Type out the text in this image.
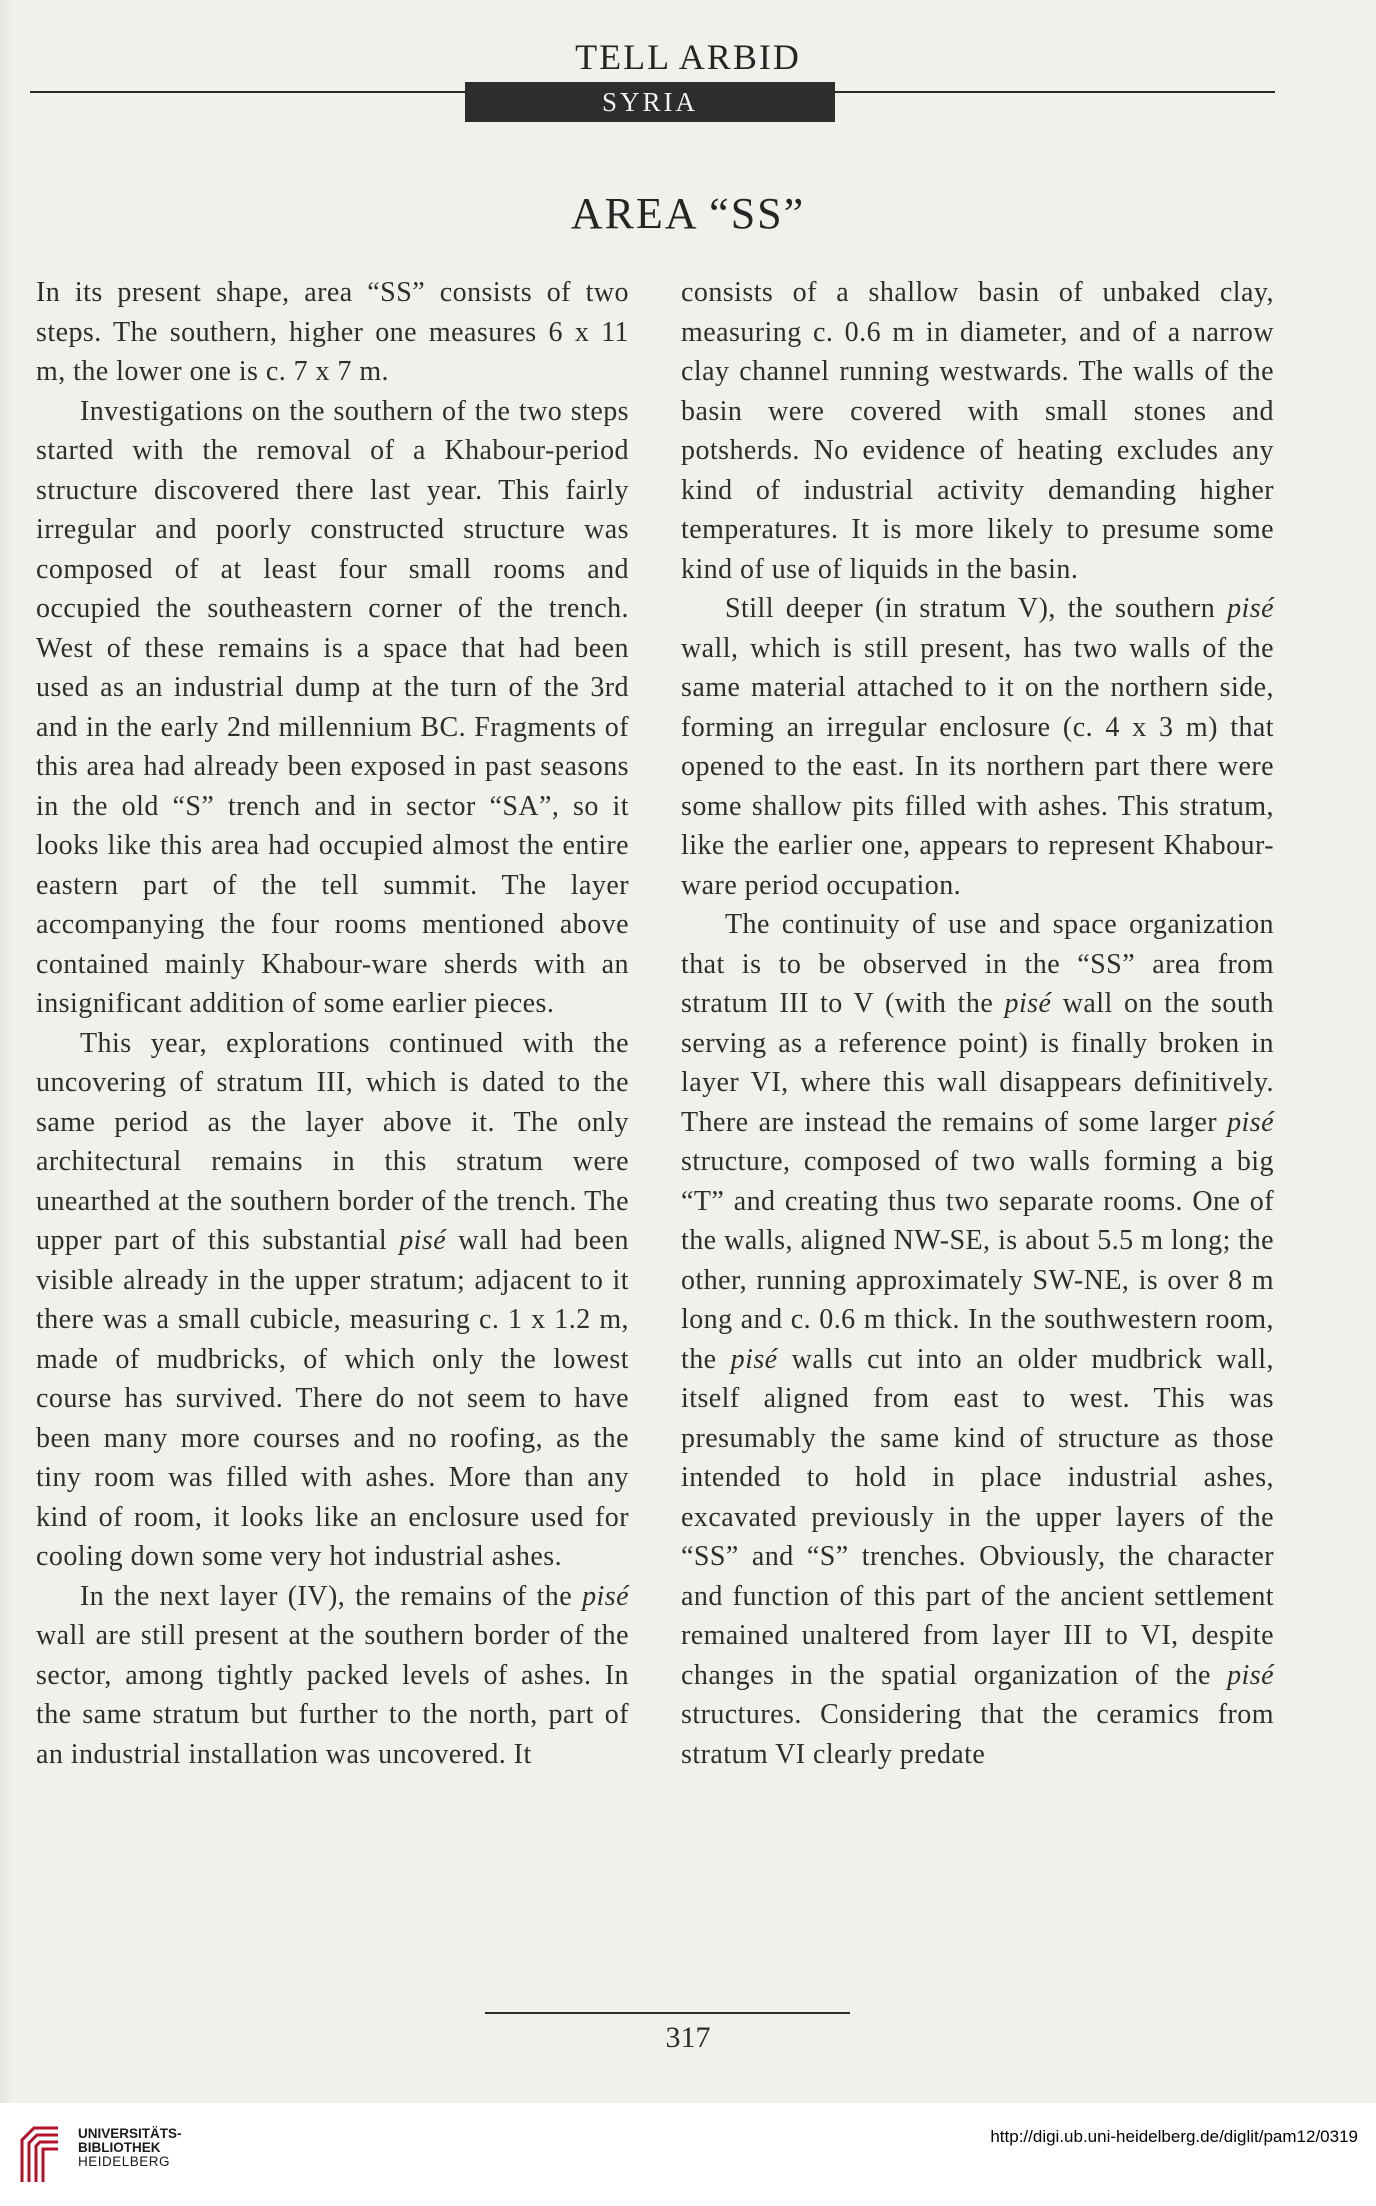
TELL ARBID
SYRIA
AREA “SS”

In its present shape, area “SS” consists of two steps. The southern, higher one measures 6 x 11 m, the lower one is c. 7 x 7 m.

Investigations on the southern of the two steps started with the removal of a Khabour-period structure discovered there last year. This fairly irregular and poorly constructed structure was composed of at least four small rooms and occupied the southeastern corner of the trench. West of these remains is a space that had been used as an industrial dump at the turn of the 3rd and in the early 2nd millennium BC. Fragments of this area had already been exposed in past seasons in the old “S” trench and in sector “SA”, so it looks like this area had occupied almost the entire eastern part of the tell summit. The layer accompanying the four rooms mentioned above contained mainly Khabour-ware sherds with an insignificant addition of some earlier pieces.

This year, explorations continued with the uncovering of stratum III, which is dated to the same period as the layer above it. The only architectural remains in this stratum were unearthed at the southern border of the trench. The upper part of this substantial pisé wall had been visible already in the upper stratum; adjacent to it there was a small cubicle, measuring c. 1 x 1.2 m, made of mudbricks, of which only the lowest course has survived. There do not seem to have been many more courses and no roofing, as the tiny room was filled with ashes. More than any kind of room, it looks like an enclosure used for cooling down some very hot industrial ashes.

In the next layer (IV), the remains of the pisé wall are still present at the southern border of the sector, among tightly packed levels of ashes. In the same stratum but further to the north, part of an industrial installation was uncovered. It

consists of a shallow basin of unbaked clay, measuring c. 0.6 m in diameter, and of a narrow clay channel running westwards. The walls of the basin were covered with small stones and potsherds. No evidence of heating excludes any kind of industrial activity demanding higher temperatures. It is more likely to presume some kind of use of liquids in the basin.

Still deeper (in stratum V), the southern pisé wall, which is still present, has two walls of the same material attached to it on the northern side, forming an irregular enclosure (c. 4 x 3 m) that opened to the east. In its northern part there were some shallow pits filled with ashes. This stratum, like the earlier one, appears to represent Khabour-ware period occupation.

The continuity of use and space organization that is to be observed in the “SS” area from stratum III to V (with the pisé wall on the south serving as a reference point) is finally broken in layer VI, where this wall disappears definitively. There are instead the remains of some larger pisé structure, composed of two walls forming a big “T” and creating thus two separate rooms. One of the walls, aligned NW-SE, is about 5.5 m long; the other, running approximately SW-NE, is over 8 m long and c. 0.6 m thick. In the southwestern room, the pisé walls cut into an older mudbrick wall, itself aligned from east to west. This was presumably the same kind of structure as those intended to hold in place industrial ashes, excavated previously in the upper layers of the “SS” and “S” trenches. Obviously, the character and function of this part of the ancient settlement remained unaltered from layer III to VI, despite changes in the spatial organization of the pisé structures. Considering that the ceramics from stratum VI clearly predate

317
UNIVERSITÄTS-
BIBLIOTHEK
HEIDELBERG
http://digi.ub.uni-heidelberg.de/diglit/pam12/0319
